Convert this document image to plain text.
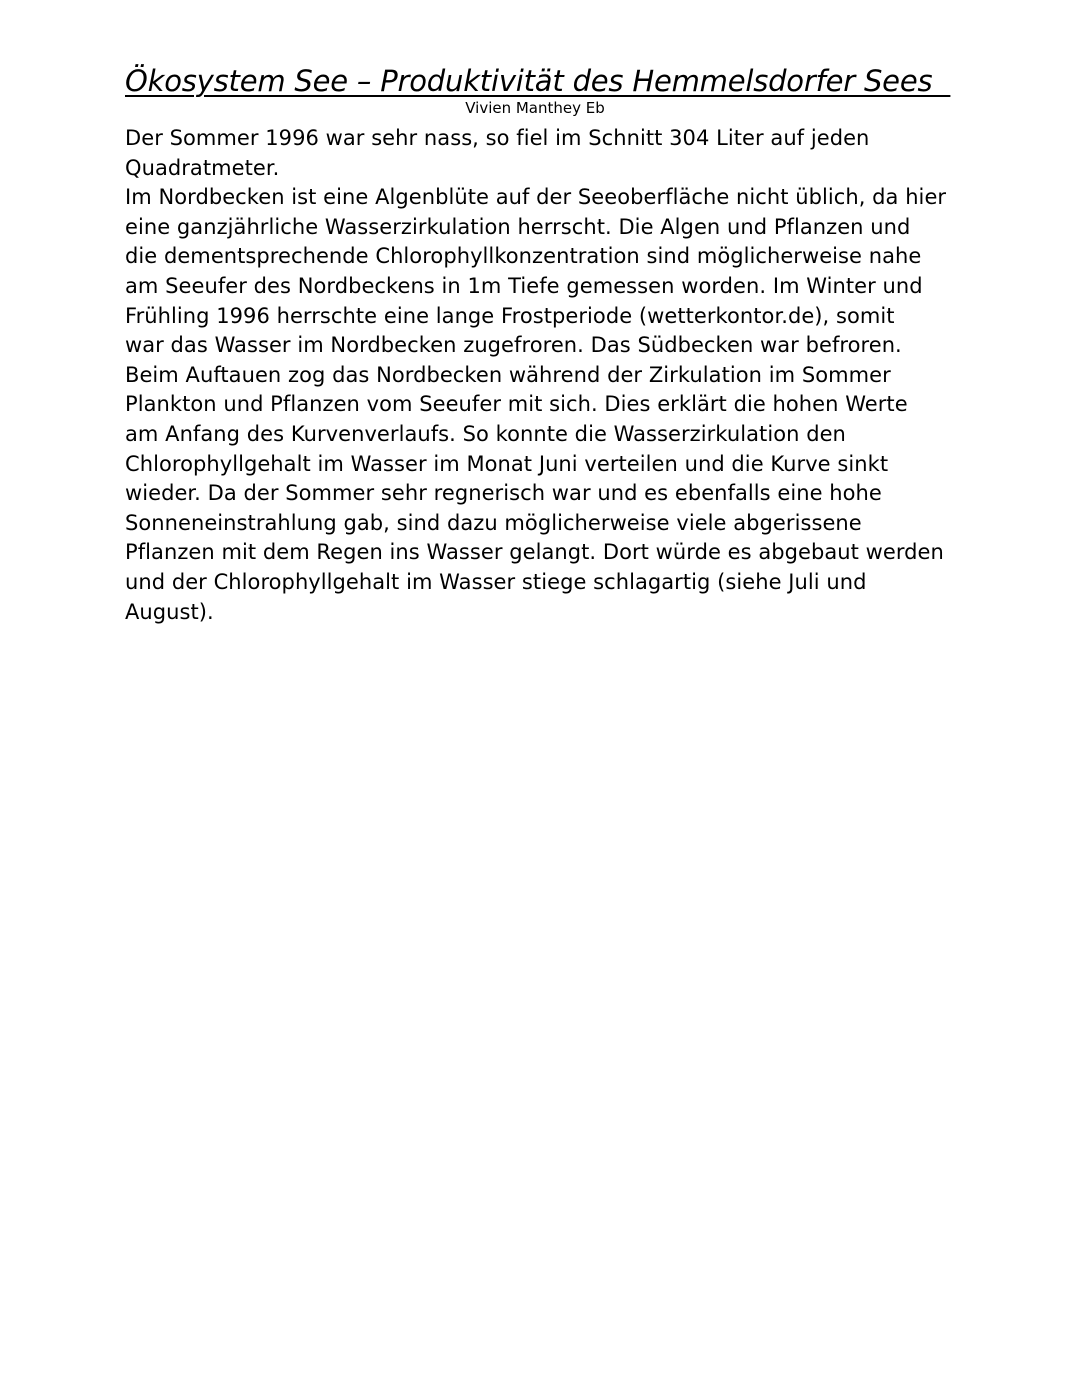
Ökosystem See – Produktivität des Hemmelsdorfer Sees
Vivien Manthey Eb
Der Sommer 1996 war sehr nass, so fiel im Schnitt 304 Liter auf jeden
Quadratmeter.
Im Nordbecken ist eine Algenblüte auf der Seeoberfläche nicht üblich, da hier
eine ganzjährliche Wasserzirkulation herrscht. Die Algen und Pflanzen und
die dementsprechende Chlorophyllkonzentration sind möglicherweise nahe
am Seeufer des Nordbeckens in 1m Tiefe gemessen worden. Im Winter und
Frühling 1996 herrschte eine lange Frostperiode (wetterkontor.de), somit
war das Wasser im Nordbecken zugefroren. Das Südbecken war befroren.
Beim Auftauen zog das Nordbecken während der Zirkulation im Sommer
Plankton und Pflanzen vom Seeufer mit sich. Dies erklärt die hohen Werte
am Anfang des Kurvenverlaufs. So konnte die Wasserzirkulation den
Chlorophyllgehalt im Wasser im Monat Juni verteilen und die Kurve sinkt
wieder. Da der Sommer sehr regnerisch war und es ebenfalls eine hohe
Sonneneinstrahlung gab, sind dazu möglicherweise viele abgerissene
Pflanzen mit dem Regen ins Wasser gelangt. Dort würde es abgebaut werden
und der Chlorophyllgehalt im Wasser stiege schlagartig (siehe Juli und
August).
